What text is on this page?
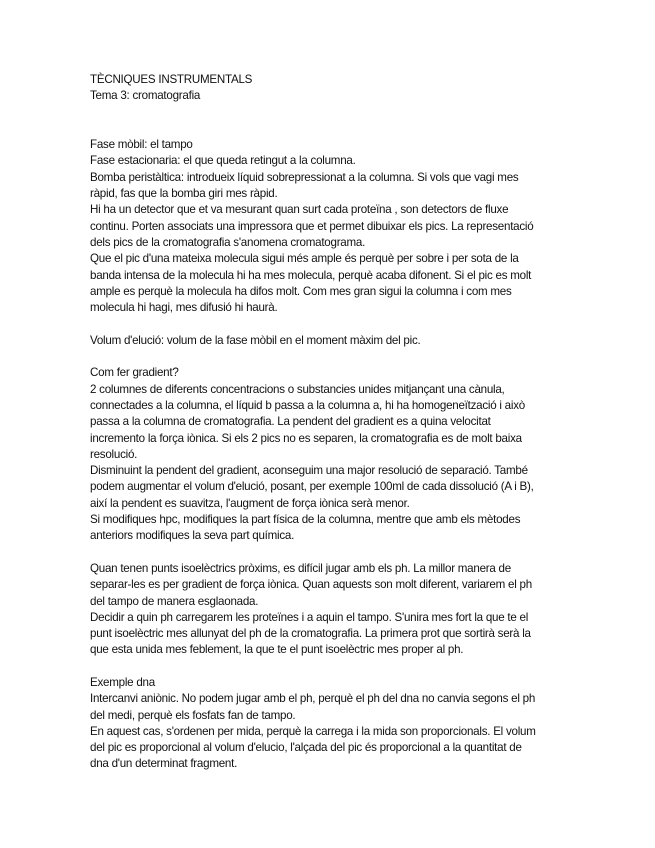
TÈCNIQUES INSTRUMENTALS
Tema 3: cromatografia
Fase mòbil: el tampo
Fase estacionaria: el que queda retingut a la columna.
Bomba peristàltica: introdueix líquid sobrepressionat a la columna. Si vols que vagi mes
ràpid, fas que la bomba giri mes ràpid.
Hi ha un detector que et va mesurant quan surt cada proteïna , son detectors de fluxe
continu. Porten associats una impressora que et permet dibuixar els pics. La representació
dels pics de la cromatografia s'anomena cromatograma.
Que el pic d'una mateixa molecula sigui més ample és perquè per sobre i per sota de la
banda intensa de la molecula hi ha mes molecula, perquè acaba difonent. Si el pic es molt
ample es perquè la molecula ha difos molt. Com mes gran sigui la columna i com mes
molecula hi hagi, mes difusió hi haurà.
Volum d'elució: volum de la fase mòbil en el moment màxim del pic.
Com fer gradient?
2 columnes de diferents concentracions o substancies unides mitjançant una cànula,
connectades a la columna, el líquid b passa a la columna a, hi ha homogeneïtzació i això
passa a la columna de cromatografia. La pendent del gradient es a quina velocitat
incremento la força iònica. Si els 2 pics no es separen, la cromatografia es de molt baixa
resolució.
Disminuint la pendent del gradient, aconseguim una major resolució de separació. També
podem augmentar el volum d'elució, posant, per exemple 100ml de cada dissolució (A i B),
així la pendent es suavitza, l'augment de força iònica serà menor.
Si modifiques hpc, modifiques la part física de la columna, mentre que amb els mètodes
anteriors modifiques la seva part química.
Quan tenen punts isoelèctrics pròxims, es difícil jugar amb els ph. La millor manera de
separar-les es per gradient de força iònica. Quan aquests son molt diferent, variarem el ph
del tampo de manera esglaonada.
Decidir a quin ph carregarem les proteïnes i a aquin el tampo. S'unira mes fort la que te el
punt isoelèctric mes allunyat del ph de la cromatografia. La primera prot que sortirà serà la
que esta unida mes feblement, la que te el punt isoelèctric mes proper al ph.
Exemple dna
Intercanvi aniònic. No podem jugar amb el ph, perquè el ph del dna no canvia segons el ph
del medi, perquè els fosfats fan de tampo.
En aquest cas, s'ordenen per mida, perquè la carrega i la mida son proporcionals. El volum
del pic es proporcional al volum d'elucio, l'alçada del pic és proporcional a la quantitat de
dna d'un determinat fragment.
